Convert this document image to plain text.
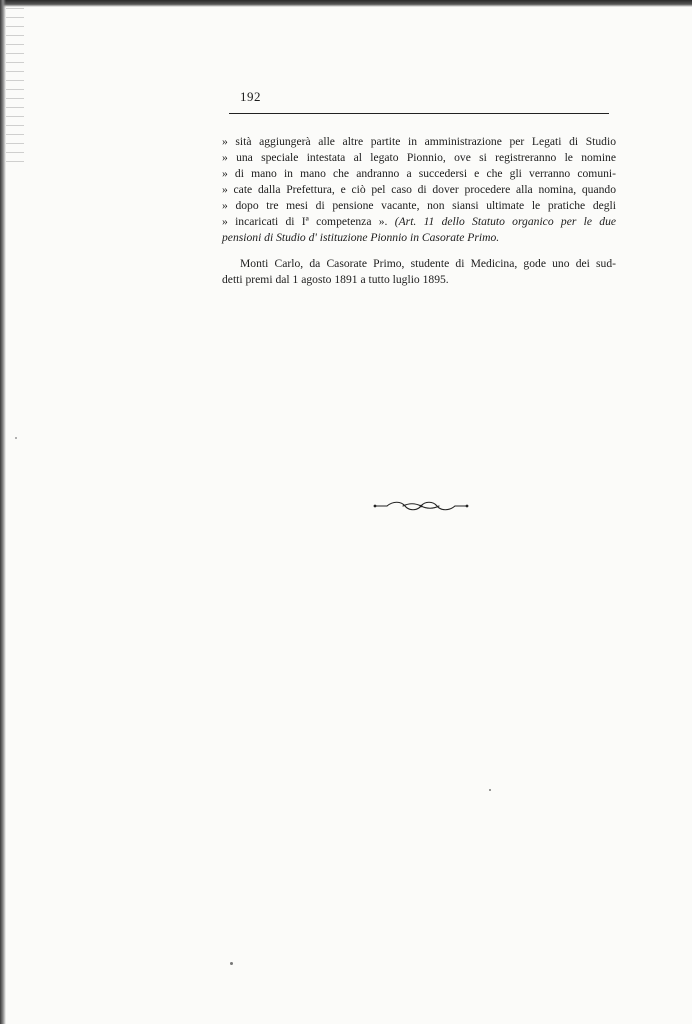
192
» sità aggiungerà alle altre partite in amministrazione per Legati di Studio
» una speciale intestata al legato Pionnio, ove si registreranno le nomine
» di mano in mano che andranno a succedersi e che gli verranno comuni-
» cate dalla Prefettura, e ciò pel caso di dover procedere alla nomina, quando
» dopo tre mesi di pensione vacante, non siansi ultimate le pratiche degli
» incaricati di Iª competenza ». (Art. 11 dello Statuto organico per le due
pensioni di Studio d' istituzione Pionnio in Casorate Primo.
Monti Carlo, da Casorate Primo, studente di Medicina, gode uno dei sud-
detti premi dal 1 agosto 1891 a tutto luglio 1895.
